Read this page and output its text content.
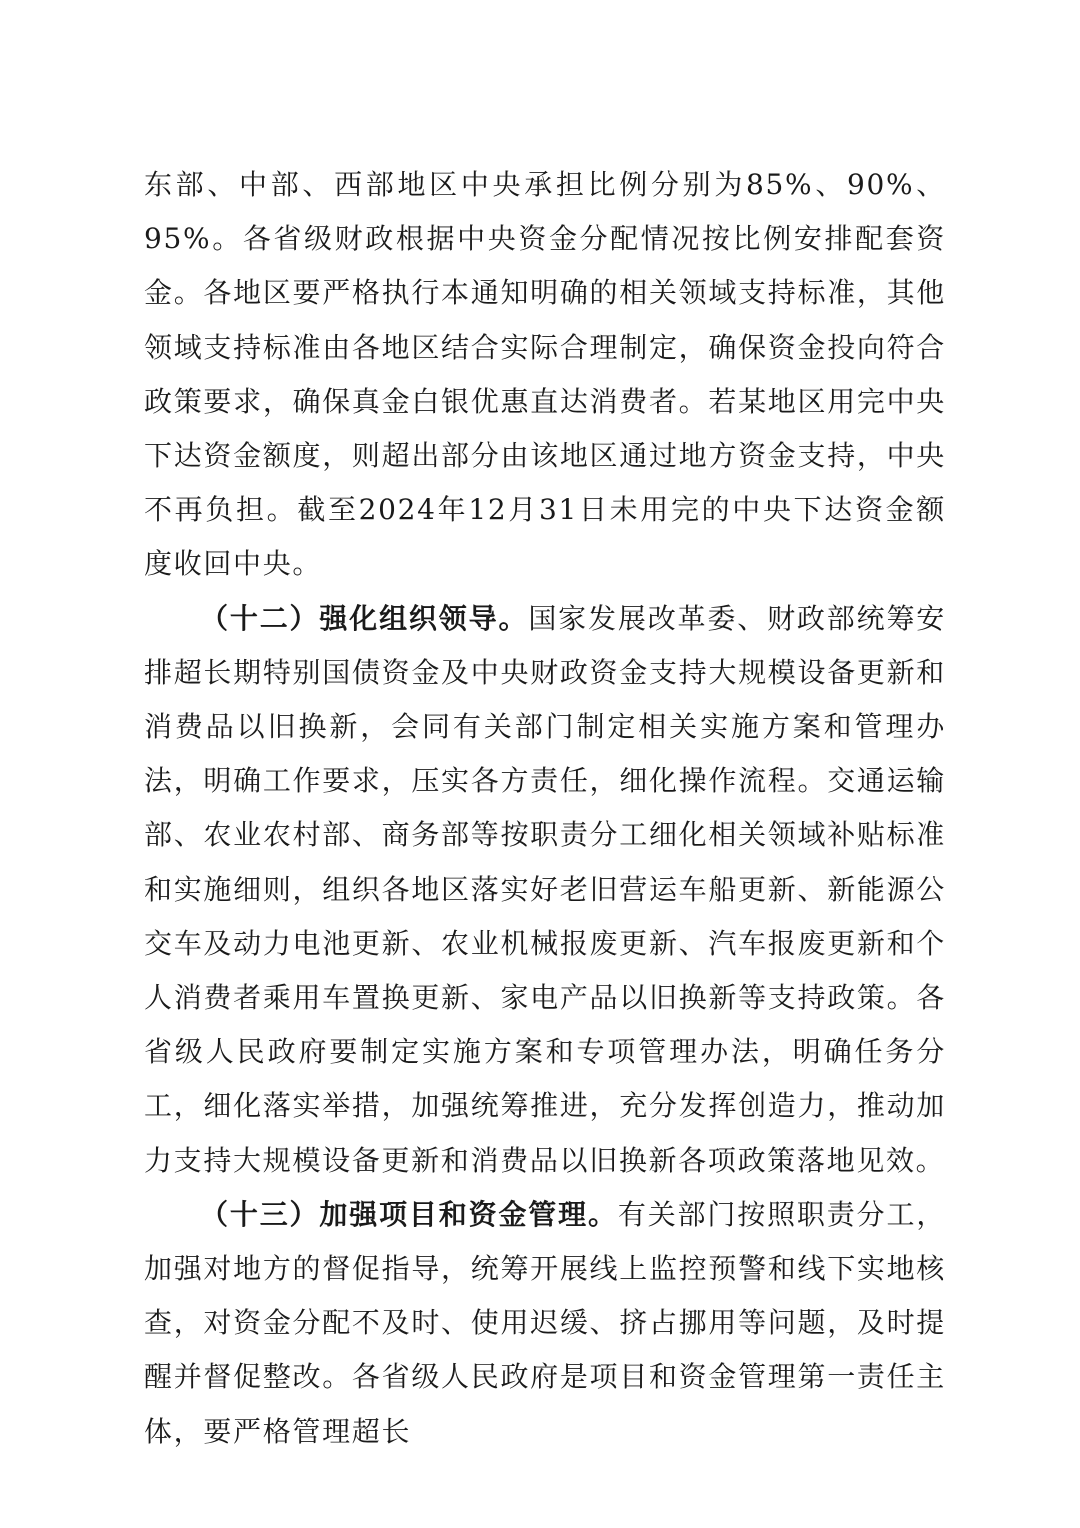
东部、中部、西部地区中央承担比例分别为85%、90%、95%。各省级财政根据中央资金分配情况按比例安排配套资金。各地区要严格执行本通知明确的相关领域支持标准，其他领域支持标准由各地区结合实际合理制定，确保资金投向符合政策要求，确保真金白银优惠直达消费者。若某地区用完中央下达资金额度，则超出部分由该地区通过地方资金支持，中央不再负担。截至2024年12月31日未用完的中央下达资金额度收回中央。

（十二）强化组织领导。国家发展改革委、财政部统筹安排超长期特别国债资金及中央财政资金支持大规模设备更新和消费品以旧换新，会同有关部门制定相关实施方案和管理办法，明确工作要求，压实各方责任，细化操作流程。交通运输部、农业农村部、商务部等按职责分工细化相关领域补贴标准和实施细则，组织各地区落实好老旧营运车船更新、新能源公交车及动力电池更新、农业机械报废更新、汽车报废更新和个人消费者乘用车置换更新、家电产品以旧换新等支持政策。各省级人民政府要制定实施方案和专项管理办法，明确任务分工，细化落实举措，加强统筹推进，充分发挥创造力，推动加力支持大规模设备更新和消费品以旧换新各项政策落地见效。

（十三）加强项目和资金管理。有关部门按照职责分工，加强对地方的督促指导，统筹开展线上监控预警和线下实地核查，对资金分配不及时、使用迟缓、挤占挪用等问题，及时提醒并督促整改。各省级人民政府是项目和资金管理第一责任主体，要严格管理超长
